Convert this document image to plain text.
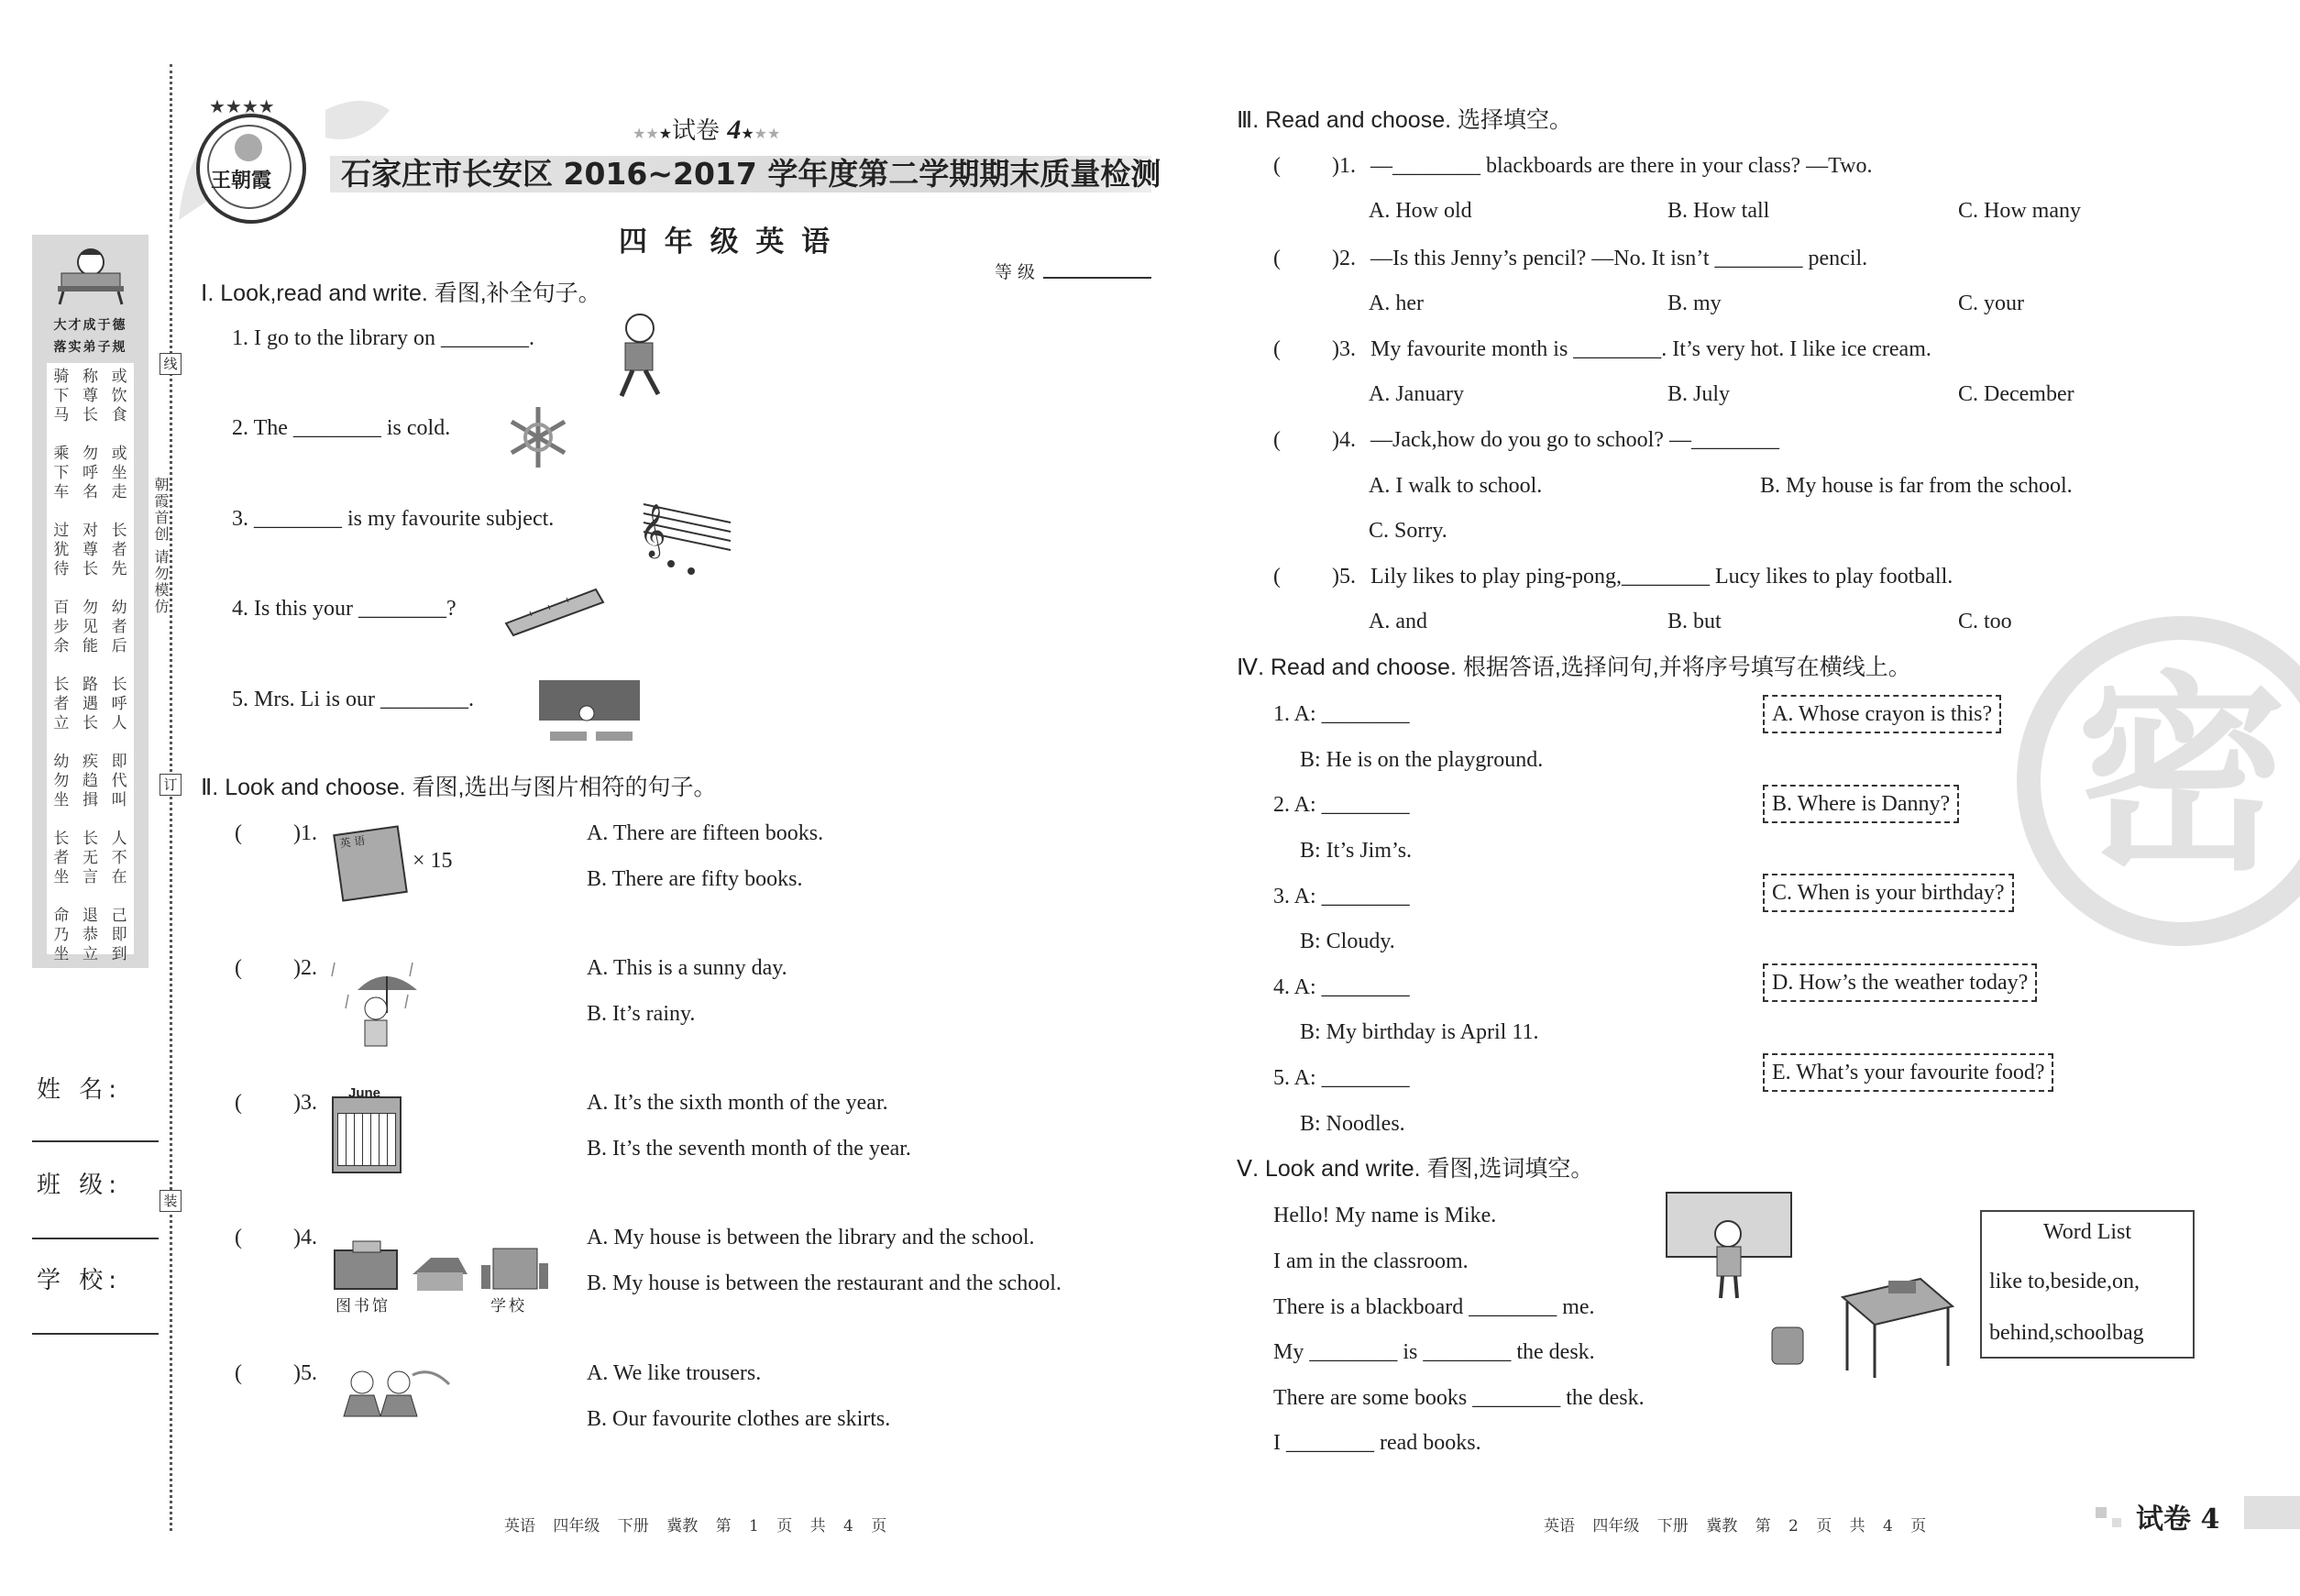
大才成于德
落实弟子规
骑 称 或
下 尊 饮
马 长 食
乘 勿 或
下 呼 坐
车 名 走
过 对 长
犹 尊 者
待 长 先
百 勿 幼
步 见 者
余 能 后
长 路 长
者 遇 呼
立 长 人
幼 疾 即
勿 趋 代
坐 揖 叫
长 长 人
者 无 不
坐 言 在
命 退 己
乃 恭 即
坐 立 到
线
订
装
朝霞首创 请勿模仿
姓 名:
班 级:
学 校:
王朝霞
★★★★
★★★试卷 4★★★
石家庄市长安区 2016~2017 学年度第二学期期末质量检测
四 年 级 英 语
等级
Ⅰ. Look,read and write. 看图,补全句子。
1. I go to the library on ________.
2. The ________ is cold.
3. ________ is my favourite subject.
4. Is this your ________?
5. Mrs. Li is our ________.
𝄞
Ⅱ. Look and choose. 看图,选出与图片相符的句子。
( )1.	英 语
× 15
A. There are fifteen books.
B. There are fifty books.
( )2.	A. This is a sunny day.
B. It’s rainy.
( )3. June	A. It’s the sixth month of the year.
B. It’s the seventh month of the year.
( )4.
图书馆	学校
A. My house is between the library and the school.
B. My house is between the restaurant and the school.
( )5.	A. We like trousers.
B. Our favourite clothes are skirts.
英语 四年级 下册 冀教 第 1 页 共 4 页
密
Ⅲ. Read and choose. 选择填空。
( )1. —________ blackboards are there in your class? —Two.
A. How old	B. How tall	C. How many
( )2. —Is this Jenny’s pencil? —No. It isn’t ________ pencil.
A. her	B. my	C. your
( )3. My favourite month is ________. It’s very hot. I like ice cream.
A. January	B. July	C. December
( )4. —Jack,how do you go to school? —________
A. I walk to school.	B. My house is far from the school.
C. Sorry.
( )5. Lily likes to play ping-pong,________ Lucy likes to play football.
A. and	B. but	C. too
Ⅳ. Read and choose. 根据答语,选择问句,并将序号填写在横线上。
1. A: ________
B: He is on the playground.
2. A: ________
B: It’s Jim’s.
3. A: ________
B: Cloudy.
4. A: ________
B: My birthday is April 11.
5. A: ________
B: Noodles.
A. Whose crayon is this?
B. Where is Danny?
C. When is your birthday?
D. How’s the weather today?
E. What’s your favourite food?
Ⅴ. Look and write. 看图,选词填空。
Hello! My name is Mike.
I am in the classroom.
There is a blackboard ________ me.
My ________ is ________ the desk.
There are some books ________ the desk.
I ________ read books.
Word List
like to,beside,on,
behind,schoolbag
英语 四年级 下册 冀教 第 2 页 共 4 页	试卷 4
